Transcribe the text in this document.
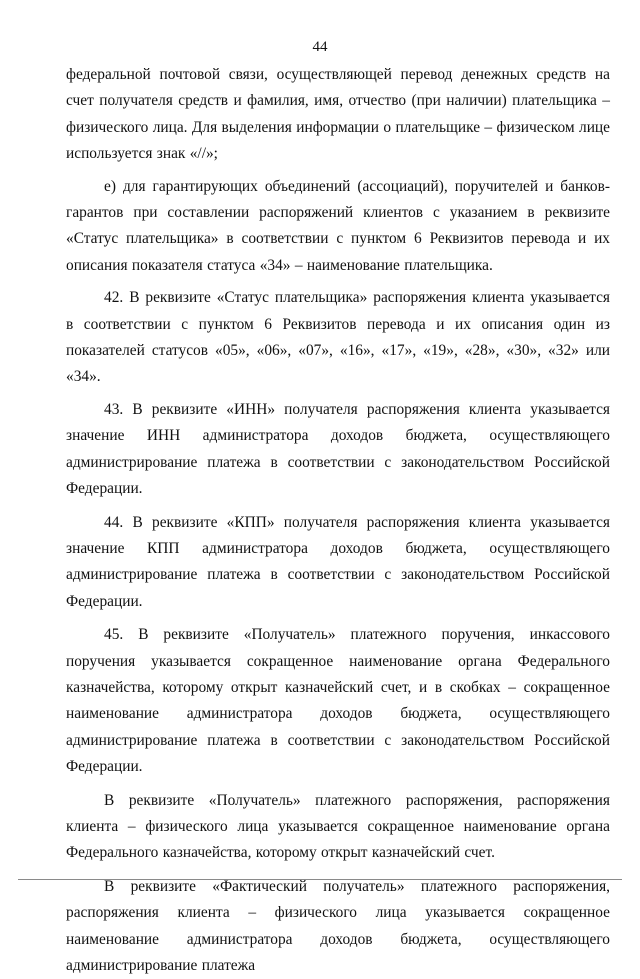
44

федеральной почтовой связи, осуществляющей перевод денежных средств на счет получателя средств и фамилия, имя, отчество (при наличии) плательщика – физического лица. Для выделения информации о плательщике – физическом лице используется знак «//»;

е) для гарантирующих объединений (ассоциаций), поручителей и банков-гарантов при составлении распоряжений клиентов с указанием в реквизите «Статус плательщика» в соответствии с пунктом 6 Реквизитов перевода и их описания показателя статуса «34» – наименование плательщика.

42. В реквизите «Статус плательщика» распоряжения клиента указывается в соответствии с пунктом 6 Реквизитов перевода и их описания один из показателей статусов «05», «06», «07», «16», «17», «19», «28», «30», «32» или «34».

43. В реквизите «ИНН» получателя распоряжения клиента указывается значение ИНН администратора доходов бюджета, осуществляющего администрирование платежа в соответствии с законодательством Российской Федерации.

44. В реквизите «КПП» получателя распоряжения клиента указывается значение КПП администратора доходов бюджета, осуществляющего администрирование платежа в соответствии с законодательством Российской Федерации.

45. В реквизите «Получатель» платежного поручения, инкассового поручения указывается сокращенное наименование органа Федерального казначейства, которому открыт казначейский счет, и в скобках – сокращенное наименование администратора доходов бюджета, осуществляющего администрирование платежа в соответствии с законодательством Российской Федерации.

В реквизите «Получатель» платежного распоряжения, распоряжения клиента – физического лица указывается сокращенное наименование органа Федерального казначейства, которому открыт казначейский счет.

В реквизите «Фактический получатель» платежного распоряжения, распоряжения клиента – физического лица указывается сокращенное наименование администратора доходов бюджета, осуществляющего администрирование платежа
